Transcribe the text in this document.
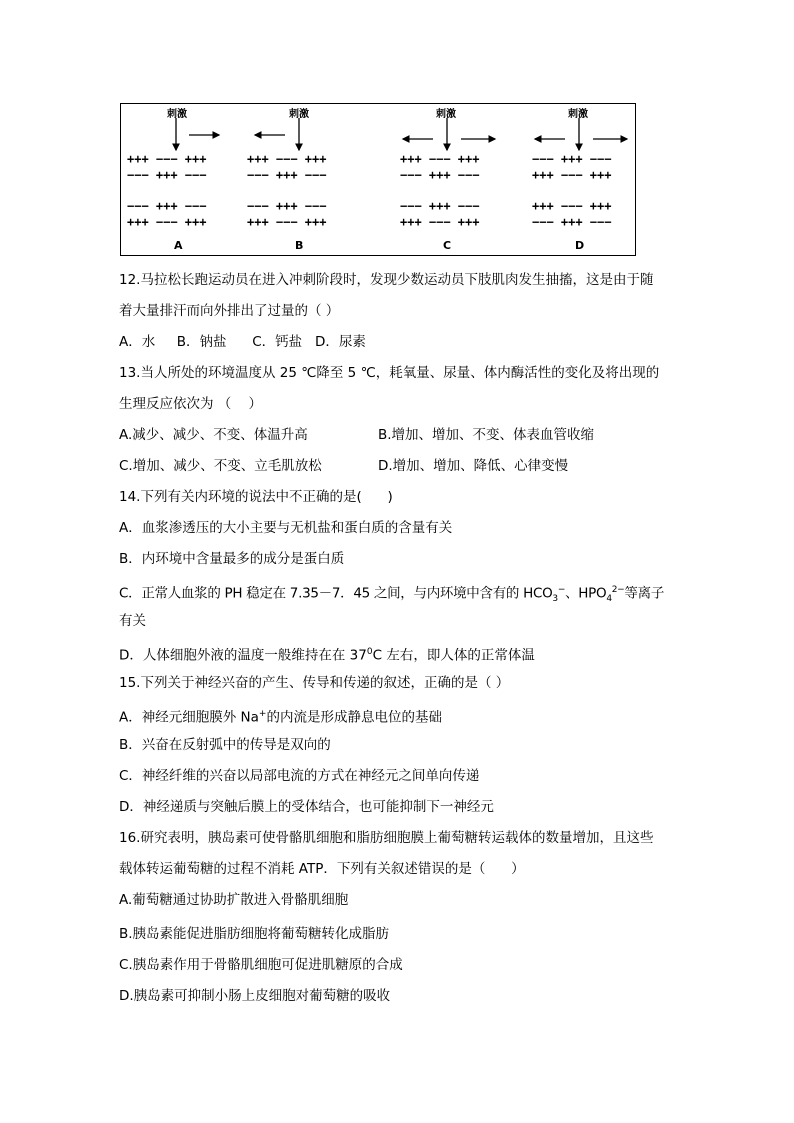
刺激
+++ −−− +++
−−− +++ −−−
−−− +++ −−−
+++ −−− +++
A
刺激
+++ −−− +++
−−− +++ −−−
−−− +++ −−−
+++ −−− +++
B
刺激
+++ −−− +++
−−− +++ −−−
−−− +++ −−−
+++ −−− +++
C
刺激
−−− +++ −−−
+++ −−− +++
+++ −−− +++
−−− +++ −−−
D
12.马拉松长跑运动员在进入冲刺阶段时，发现少数运动员下肢肌肉发生抽搐，这是由于随
着大量排汗而向外排出了过量的（ ）
A．水     B．钠盐      C．钙盐   D．尿素
13.当人所处的环境温度从 25 ℃降至 5 ℃，耗氧量、尿量、体内酶活性的变化及将出现的
生理反应依次为 （    ）
A.减少、减少、不变、体温升高	B.增加、增加、不变、体表血管收缩
C.增加、减少、不变、立毛肌放松	D.增加、增加、降低、心律变慢
14.下列有关内环境的说法中不正确的是(      )
A．血浆渗透压的大小主要与无机盐和蛋白质的含量有关
B．内环境中含量最多的成分是蛋白质
C．正常人血浆的 PH 稳定在 7.35－7．45 之间，与内环境中含有的 $HCO_3^-$、$HPO_4^{2-}$等离子
有关
D．人体细胞外液的温度一般维持在在 $37^0C$ 左右，即人体的正常体温
15.下列关于神经兴奋的产生、传导和传递的叙述，正确的是（ ）
A．神经元细胞膜外 Na+的内流是形成静息电位的基础
B．兴奋在反射弧中的传导是双向的
C．神经纤维的兴奋以局部电流的方式在神经元之间单向传递
D．神经递质与突触后膜上的受体结合，也可能抑制下一神经元
16.研究表明，胰岛素可使骨骼肌细胞和脂肪细胞膜上葡萄糖转运载体的数量增加，且这些
载体转运葡萄糖的过程不消耗 ATP．下列有关叙述错误的是（      ）
A.葡萄糖通过协助扩散进入骨骼肌细胞
B.胰岛素能促进脂肪细胞将葡萄糖转化成脂肪
C.胰岛素作用于骨骼肌细胞可促进肌糖原的合成
D.胰岛素可抑制小肠上皮细胞对葡萄糖的吸收
